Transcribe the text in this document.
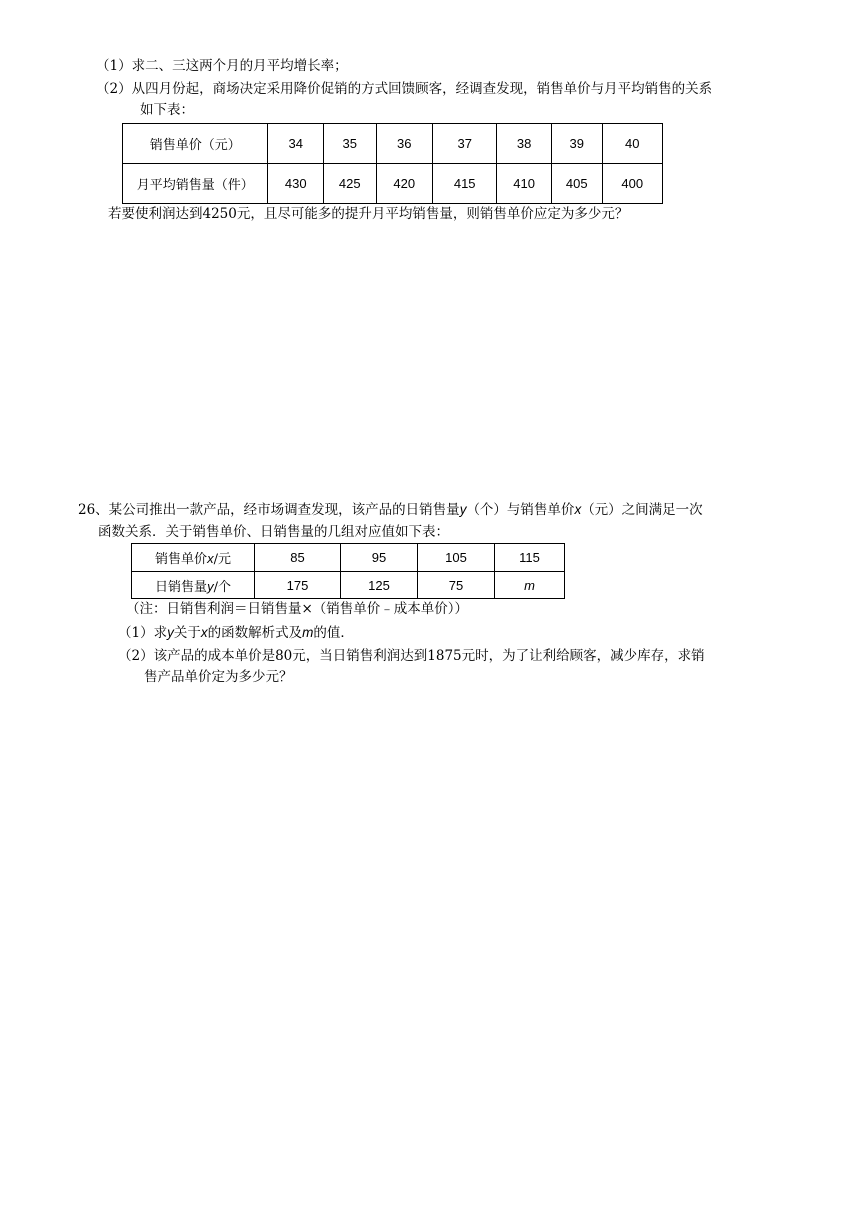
（1）求二、三这两个月的月平均增长率；
（2）从四月份起，商场决定采用降价促销的方式回馈顾客，经调查发现，销售单价与月平均销售的关系
如下表：
销售单价（元）	34	35	36	37	38	39	40
月平均销售量（件）	430	425	420	415	410	405	400
若要使利润达到4250元，且尽可能多的提升月平均销售量，则销售单价应定为多少元？
26、某公司推出一款产品，经市场调查发现，该产品的日销售量y（个）与销售单价x（元）之间满足一次
函数关系．关于销售单价、日销售量的几组对应值如下表：
销售单价x/元	85	95	105	115
日销售量y/个	175	125	75	m
（注：日销售利润＝日销售量×（销售单价﹣成本单价））
（1）求y关于x的函数解析式及m的值．
（2）该产品的成本单价是80元，当日销售利润达到1875元时，为了让利给顾客，减少库存，求销
售产品单价定为多少元？
